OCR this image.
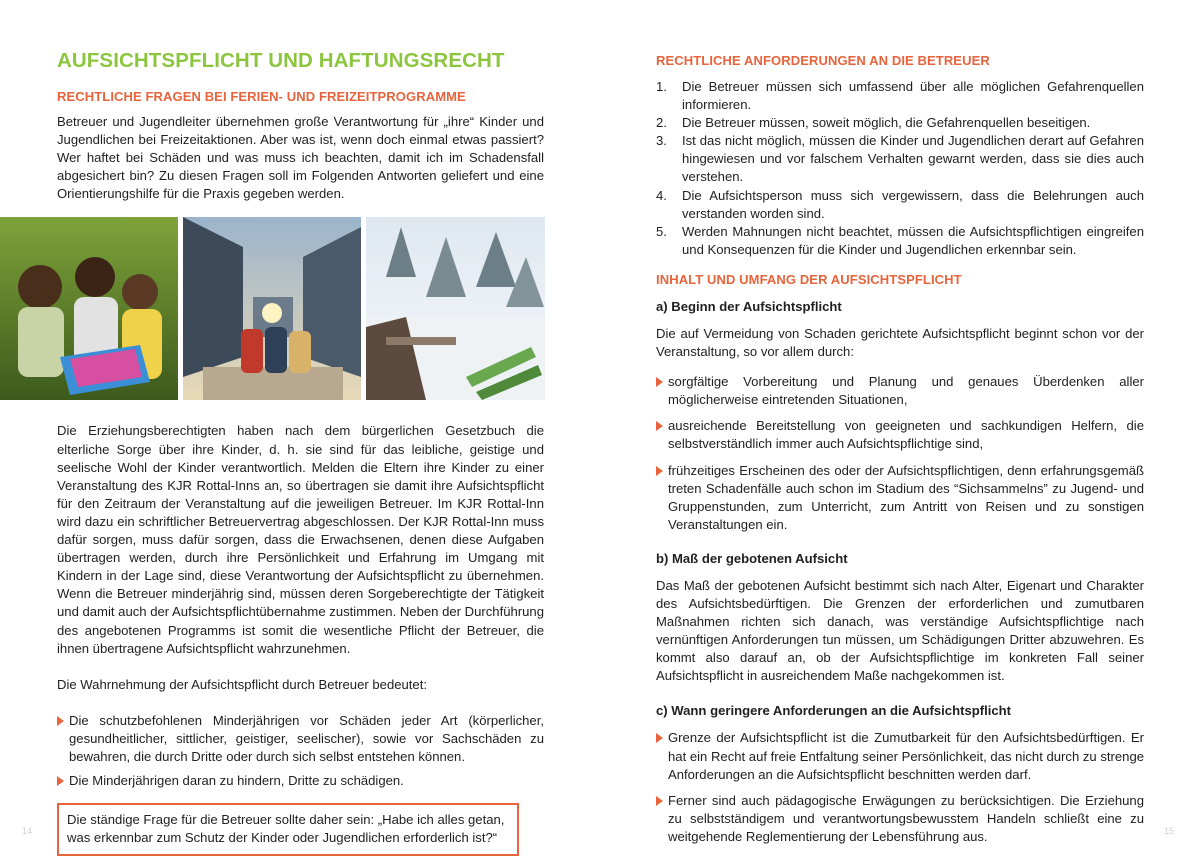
AUFSICHTSPFLICHT UND HAFTUNGSRECHT
RECHTLICHE FRAGEN BEI FERIEN- UND FREIZEITPROGRAMME

Betreuer und Jugendleiter übernehmen große Verantwortung für „ihre“ Kinder und Jugendlichen bei Freizeitaktionen. Aber was ist, wenn doch einmal etwas passiert? Wer haftet bei Schäden und was muss ich beachten, damit ich im Schadensfall abgesichert bin? Zu diesen Fragen soll im Folgenden Antworten geliefert und eine Orientierungshilfe für die Praxis gegeben werden.

Die Erziehungsberechtigten haben nach dem bürgerlichen Gesetzbuch die elterliche Sorge über ihre Kinder, d. h. sie sind für das leibliche, geistige und seelische Wohl der Kinder verantwortlich. Melden die Eltern ihre Kinder zu einer Veranstaltung des KJR Rottal-Inns an, so übertragen sie damit ihre Aufsichtspflicht für den Zeitraum der Veranstaltung auf die jeweiligen Betreuer. Im KJR Rottal-Inn wird dazu ein schriftlicher Betreuervertrag abgeschlossen. Der KJR Rottal-Inn muss dafür sorgen, muss dafür sorgen, dass die Erwachsenen, denen diese Aufgaben übertragen werden, durch ihre Persönlichkeit und Erfahrung im Umgang mit Kindern in der Lage sind, diese Verantwortung der Aufsichtspflicht zu übernehmen. Wenn die Betreuer minderjährig sind, müssen deren Sorgeberechtigte der Tätigkeit und damit auch der Aufsichtspflichtübernahme zustimmen. Neben der Durchführung des angebotenen Programms ist somit die wesentliche Pflicht der Betreuer, die ihnen übertragene Aufsichtspflicht wahrzunehmen.

Die Wahrnehmung der Aufsichtspflicht durch Betreuer bedeutet:

Die schutzbefohlenen Minderjährigen vor Schäden jeder Art (körperlicher, gesundheitlicher, sittlicher, geistiger, seelischer), sowie vor Sachschäden zu bewahren, die durch Dritte oder durch sich selbst entstehen können.

Die Minderjährigen daran zu hindern, Dritte zu schädigen.

Die ständige Frage für die Betreuer sollte daher sein: „Habe ich alles getan, was erkennbar zum Schutz der Kinder oder Jugendlichen erforderlich ist?“

RECHTLICHE ANFORDERUNGEN AN DIE BETREUER
1. Die Betreuer müssen sich umfassend über alle möglichen Gefahrenquellen informieren.
2. Die Betreuer müssen, soweit möglich, die Gefahrenquellen beseitigen.
3. Ist das nicht möglich, müssen die Kinder und Jugendlichen derart auf Gefahren hingewiesen und vor falschem Verhalten gewarnt werden, dass sie dies auch verstehen.
4. Die Aufsichtsperson muss sich vergewissern, dass die Belehrungen auch verstanden worden sind.
5. Werden Mahnungen nicht beachtet, müssen die Aufsichtspflichtigen eingreifen und Konsequenzen für die Kinder und Jugendlichen erkennbar sein.
INHALT UND UMFANG DER AUFSICHTSPFLICHT
a) Beginn der Aufsichtspflicht

Die auf Vermeidung von Schaden gerichtete Aufsichtspflicht beginnt schon vor der Veranstaltung, so vor allem durch:

sorgfältige Vorbereitung und Planung und genaues Überdenken aller möglicherweise eintretenden Situationen,

ausreichende Bereitstellung von geeigneten und sachkundigen Helfern, die selbstverständlich immer auch Aufsichtspflichtige sind,

frühzeitiges Erscheinen des oder der Aufsichtspflichtigen, denn erfahrungsgemäß treten Schadenfälle auch schon im Stadium des “Sichsammelns” zu Jugend- und Gruppenstunden, zum Unterricht, zum Antritt von Reisen und zu sonstigen Veranstaltungen ein.

b) Maß der gebotenen Aufsicht

Das Maß der gebotenen Aufsicht bestimmt sich nach Alter, Eigenart und Charakter des Aufsichtsbedürftigen. Die Grenzen der erforderlichen und zumutbaren Maßnahmen richten sich danach, was verständige Aufsichtspflichtige nach vernünftigen Anforderungen tun müssen, um Schädigungen Dritter abzuwehren. Es kommt also darauf an, ob der Aufsichtspflichtige im konkreten Fall seiner Aufsichtspflicht in ausreichendem Maße nachgekommen ist.

c) Wann geringere Anforderungen an die Aufsichtspflicht

Grenze der Aufsichtspflicht ist die Zumutbarkeit für den Aufsichtsbedürftigen. Er hat ein Recht auf freie Entfaltung seiner Persönlichkeit, das nicht durch zu strenge Anforderungen an die Aufsichtspflicht beschnitten werden darf.

Ferner sind auch pädagogische Erwägungen zu berücksichtigen. Die Erziehung zu selbstständigem und verantwortungsbewusstem Handeln schließt eine zu weitgehende Reglementierung der Lebensführung aus.

14	15
